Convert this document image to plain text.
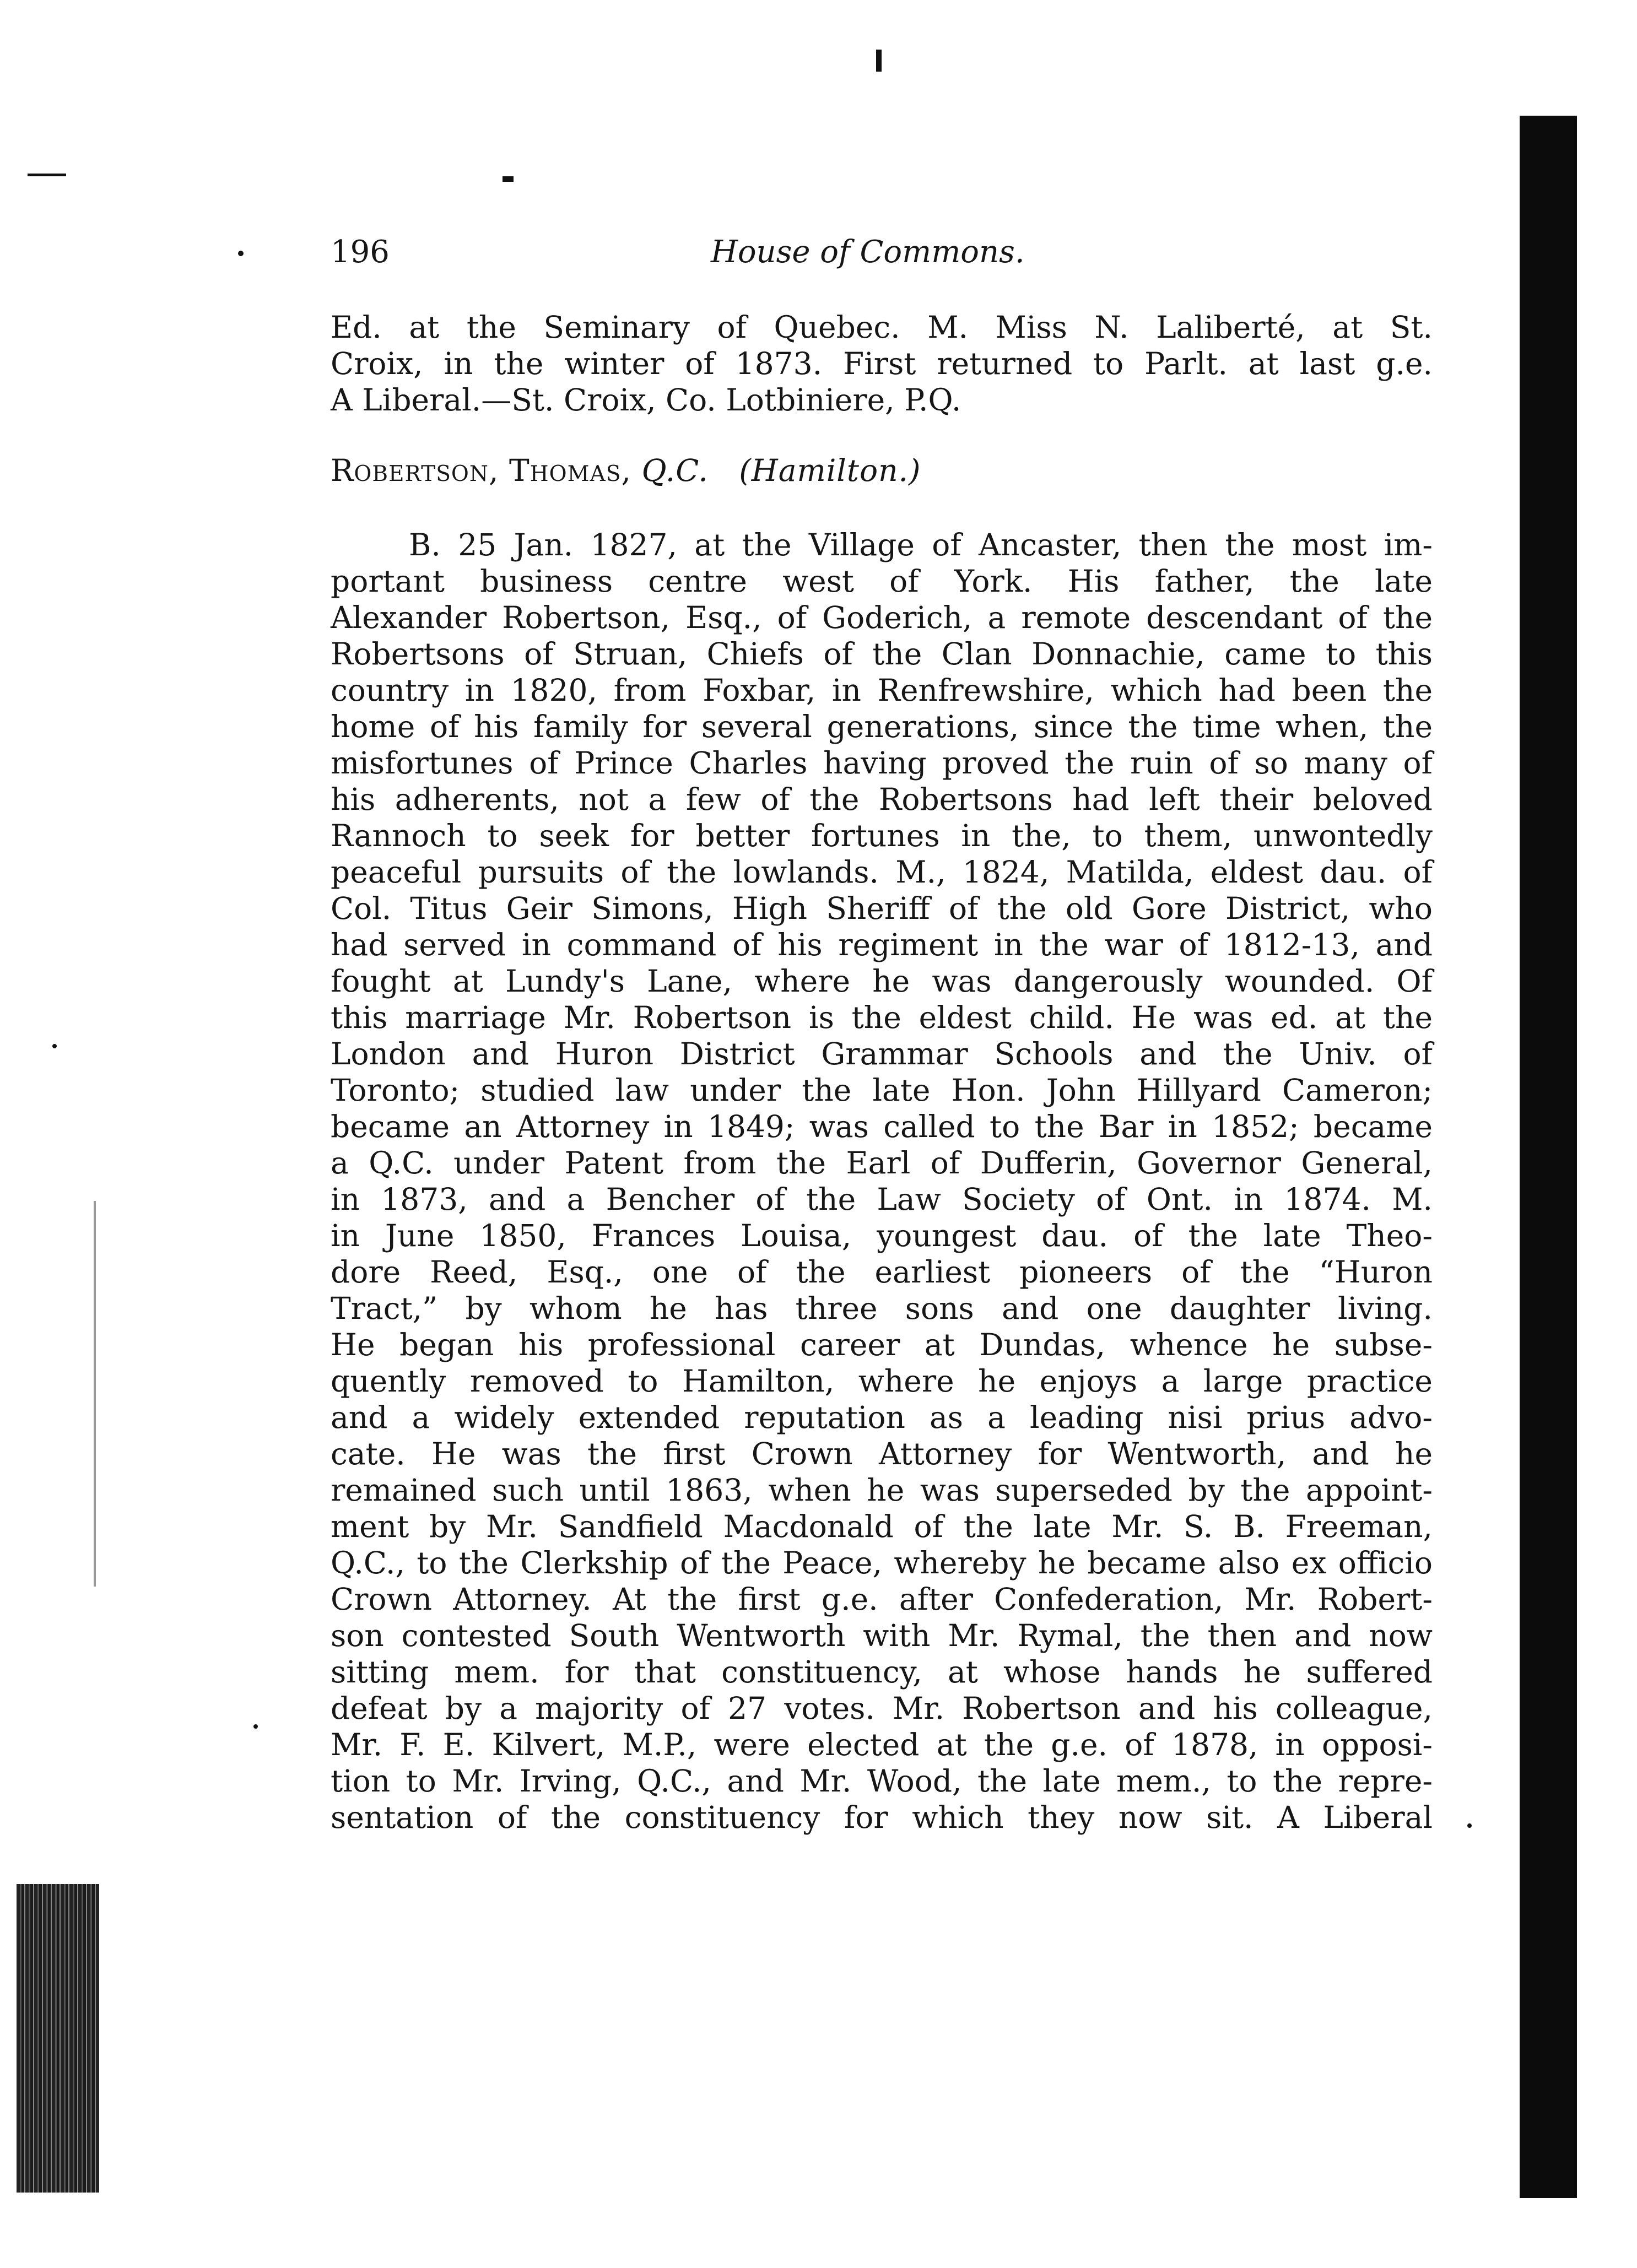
196	House of Commons.
Ed. at the Seminary of Quebec. M. Miss N. Laliberté, at St.
Croix, in the winter of 1873. First returned to Parlt. at last g.e.
A Liberal.—St. Croix, Co. Lotbiniere, P.Q.
Robertson, Thomas, Q.C. (Hamilton.)
B. 25 Jan. 1827, at the Village of Ancaster, then the most im-
portant business centre west of York. His father, the late
Alexander Robertson, Esq., of Goderich, a remote descendant of the
Robertsons of Struan, Chiefs of the Clan Donnachie, came to this
country in 1820, from Foxbar, in Renfrewshire, which had been the
home of his family for several generations, since the time when, the
misfortunes of Prince Charles having proved the ruin of so many of
his adherents, not a few of the Robertsons had left their beloved
Rannoch to seek for better fortunes in the, to them, unwontedly
peaceful pursuits of the lowlands. M., 1824, Matilda, eldest dau. of
Col. Titus Geir Simons, High Sheriff of the old Gore District, who
had served in command of his regiment in the war of 1812-13, and
fought at Lundy's Lane, where he was dangerously wounded. Of
this marriage Mr. Robertson is the eldest child. He was ed. at the
London and Huron District Grammar Schools and the Univ. of
Toronto; studied law under the late Hon. John Hillyard Cameron;
became an Attorney in 1849; was called to the Bar in 1852; became
a Q.C. under Patent from the Earl of Dufferin, Governor General,
in 1873, and a Bencher of the Law Society of Ont. in 1874. M.
in June 1850, Frances Louisa, youngest dau. of the late Theo-
dore Reed, Esq., one of the earliest pioneers of the “Huron
Tract,” by whom he has three sons and one daughter living.
He began his professional career at Dundas, whence he subse-
quently removed to Hamilton, where he enjoys a large practice
and a widely extended reputation as a leading nisi prius advo-
cate. He was the first Crown Attorney for Wentworth, and he
remained such until 1863, when he was superseded by the appoint-
ment by Mr. Sandfield Macdonald of the late Mr. S. B. Freeman,
Q.C., to the Clerkship of the Peace, whereby he became also ex officio
Crown Attorney. At the first g.e. after Confederation, Mr. Robert-
son contested South Wentworth with Mr. Rymal, the then and now
sitting mem. for that constituency, at whose hands he suffered
defeat by a majority of 27 votes. Mr. Robertson and his colleague,
Mr. F. E. Kilvert, M.P., were elected at the g.e. of 1878, in opposi-
tion to Mr. Irving, Q.C., and Mr. Wood, the late mem., to the repre-
sentation of the constituency for which they now sit. A Liberal
